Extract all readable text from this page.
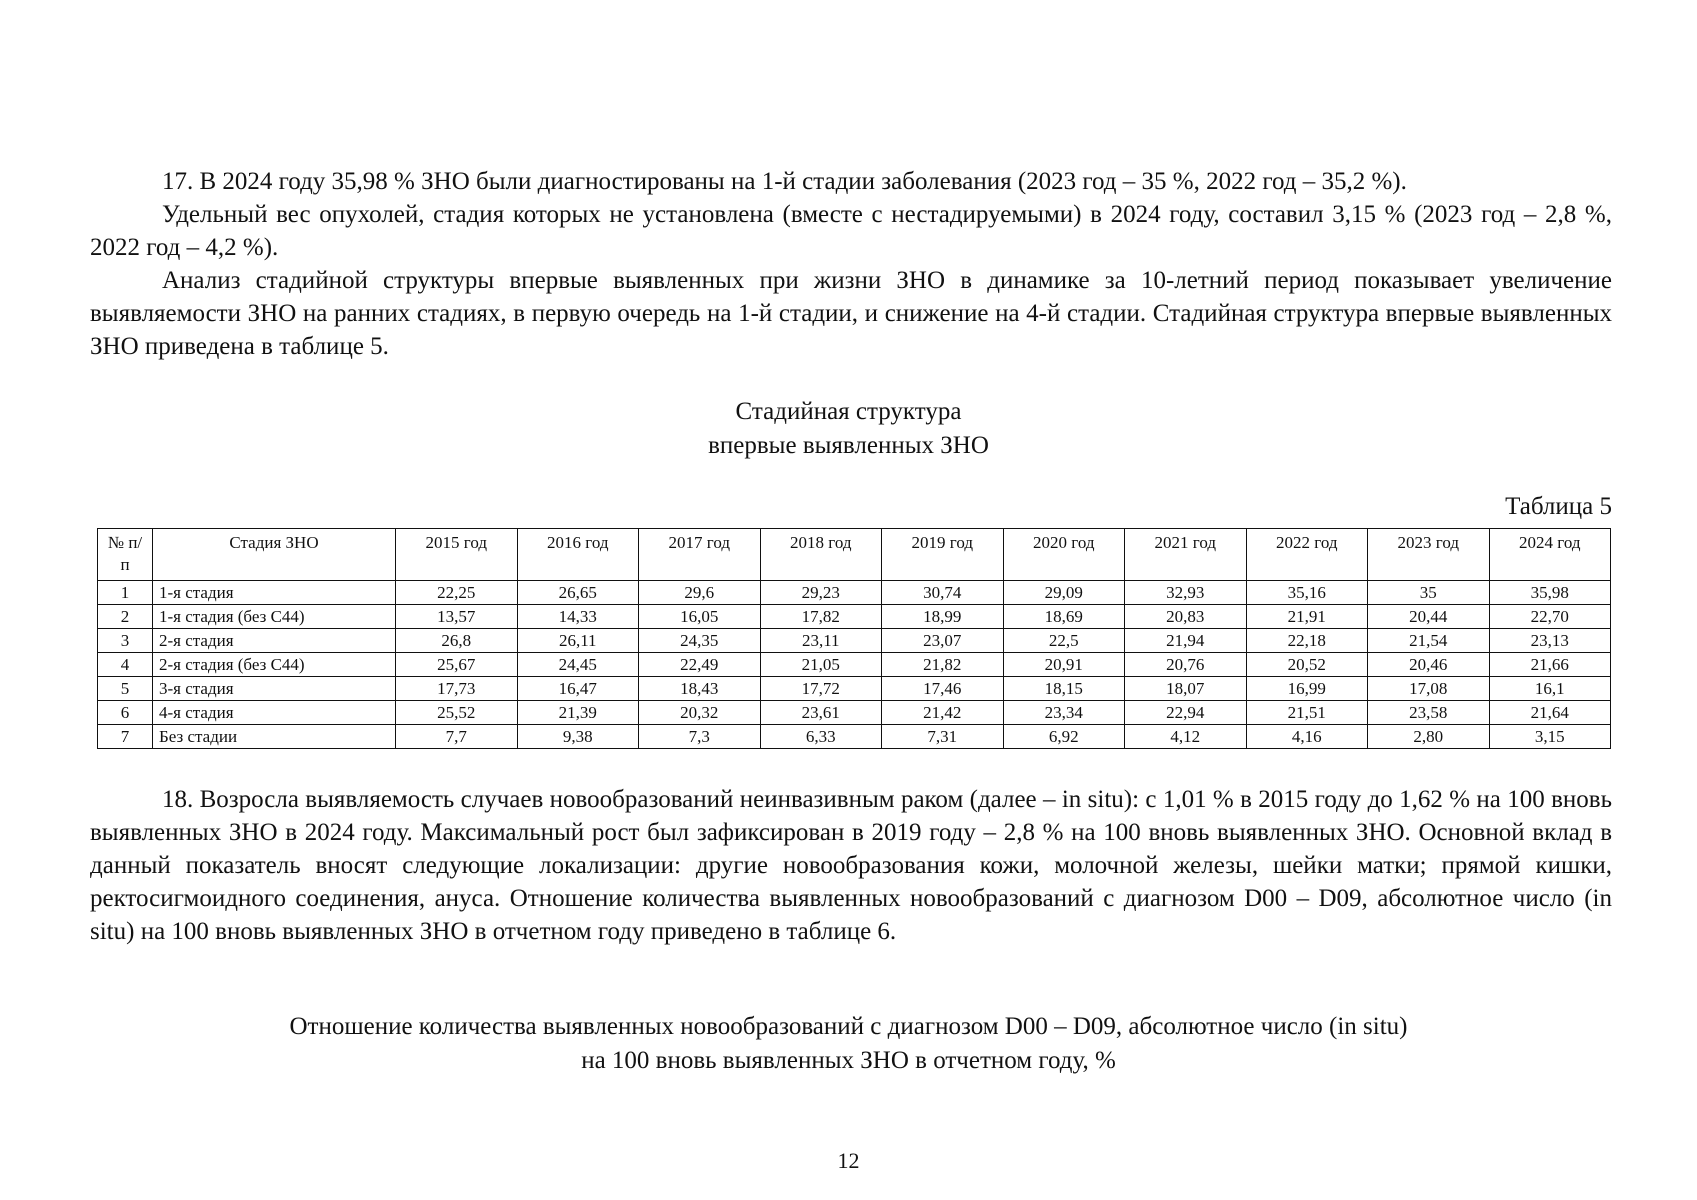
17. В 2024 году 35,98 % ЗНО были диагностированы на 1-й стадии заболевания (2023 год – 35 %, 2022 год – 35,2 %).

Удельный вес опухолей, стадия которых не установлена (вместе с нестадируемыми) в 2024 году, составил 3,15 % (2023 год – 2,8 %, 2022 год – 4,2 %).

Анализ стадийной структуры впервые выявленных при жизни ЗНО в динамике за 10-летний период показывает увеличение выявляемости ЗНО на ранних стадиях, в первую очередь на 1-й стадии, и снижение на 4-й стадии. Стадийная структура впервые выявленных ЗНО приведена в таблице 5.

Стадийная структура
впервые выявленных ЗНО
Таблица 5
№ п/п	Стадия ЗНО	2015 год	2016 год	2017 год	2018 год	2019 год	2020 год	2021 год	2022 год	2023 год	2024 год
1	1-я стадия	22,25	26,65	29,6	29,23	30,74	29,09	32,93	35,16	35	35,98
2	1-я стадия (без С44)	13,57	14,33	16,05	17,82	18,99	18,69	20,83	21,91	20,44	22,70
3	2-я стадия	26,8	26,11	24,35	23,11	23,07	22,5	21,94	22,18	21,54	23,13
4	2-я стадия (без С44)	25,67	24,45	22,49	21,05	21,82	20,91	20,76	20,52	20,46	21,66
5	3-я стадия	17,73	16,47	18,43	17,72	17,46	18,15	18,07	16,99	17,08	16,1
6	4-я стадия	25,52	21,39	20,32	23,61	21,42	23,34	22,94	21,51	23,58	21,64
7	Без стадии	7,7	9,38	7,3	6,33	7,31	6,92	4,12	4,16	2,80	3,15

18. Возросла выявляемость случаев новообразований неинвазивным раком (далее – in situ): с 1,01 % в 2015 году до 1,62 % на 100 вновь выявленных ЗНО в 2024 году. Максимальный рост был зафиксирован в 2019 году – 2,8 % на 100 вновь выявленных ЗНО. Основной вклад в данный показатель вносят следующие локализации: другие новообразования кожи, молочной железы, шейки матки; прямой кишки, ректосигмоидного соединения, ануса. Отношение количества выявленных новообразований с диагнозом D00 – D09, абсолютное число (in situ) на 100 вновь выявленных ЗНО в отчетном году приведено в таблице 6.

Отношение количества выявленных новообразований с диагнозом D00 – D09, абсолютное число (in situ)
на 100 вновь выявленных ЗНО в отчетном году, %
12
